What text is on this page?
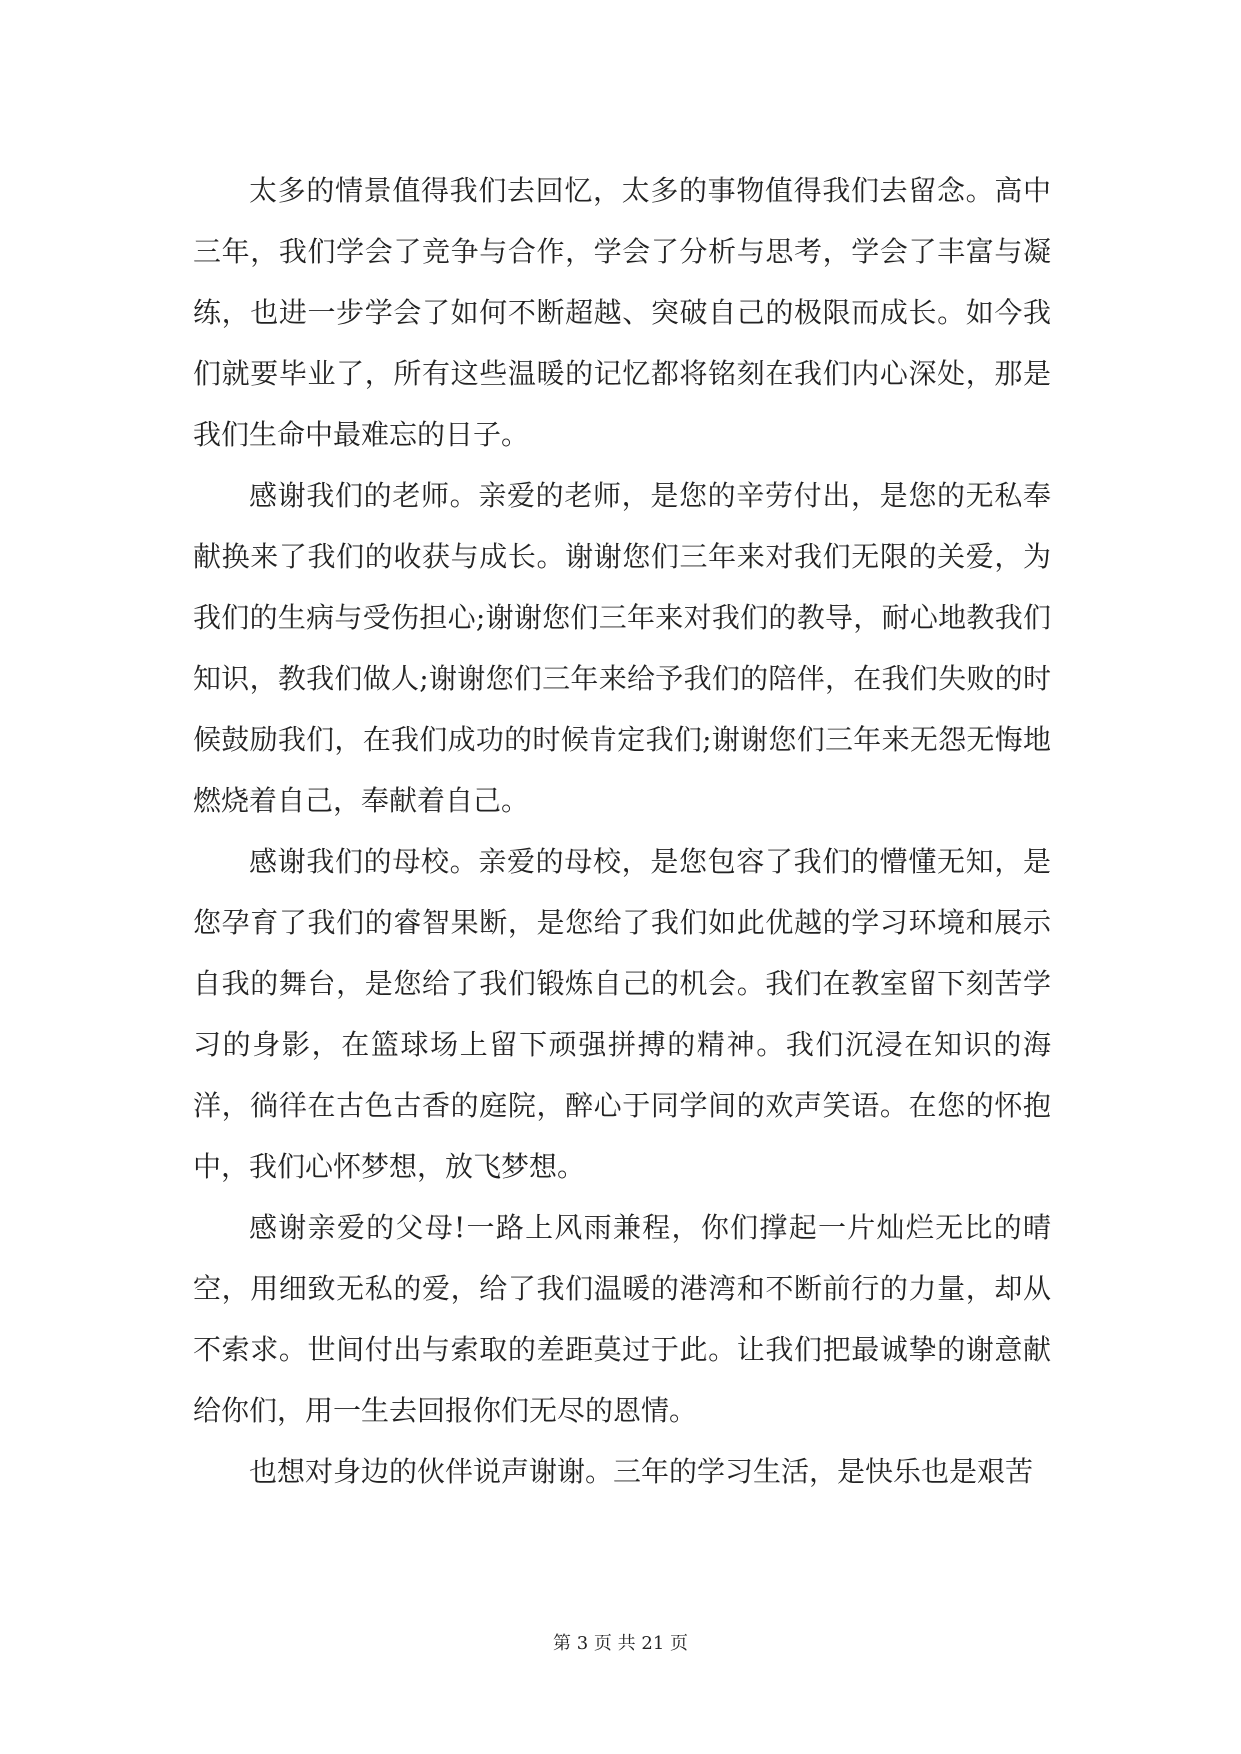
太多的情景值得我们去回忆，太多的事物值得我们去留念。高中三年，我们学会了竞争与合作，学会了分析与思考，学会了丰富与凝练，也进一步学会了如何不断超越、突破自己的极限而成长。如今我们就要毕业了，所有这些温暖的记忆都将铭刻在我们内心深处，那是我们生命中最难忘的日子。

感谢我们的老师。亲爱的老师，是您的辛劳付出，是您的无私奉献换来了我们的收获与成长。谢谢您们三年来对我们无限的关爱，为我们的生病与受伤担心;谢谢您们三年来对我们的教导，耐心地教我们知识，教我们做人;谢谢您们三年来给予我们的陪伴，在我们失败的时候鼓励我们，在我们成功的时候肯定我们;谢谢您们三年来无怨无悔地燃烧着自己，奉献着自己。

感谢我们的母校。亲爱的母校，是您包容了我们的懵懂无知，是您孕育了我们的睿智果断，是您给了我们如此优越的学习环境和展示自我的舞台，是您给了我们锻炼自己的机会。我们在教室留下刻苦学习的身影，在篮球场上留下顽强拼搏的精神。我们沉浸在知识的海洋，徜徉在古色古香的庭院，醉心于同学间的欢声笑语。在您的怀抱中，我们心怀梦想，放飞梦想。

感谢亲爱的父母!一路上风雨兼程，你们撑起一片灿烂无比的晴空，用细致无私的爱，给了我们温暖的港湾和不断前行的力量，却从不索求。世间付出与索取的差距莫过于此。让我们把最诚挚的谢意献给你们，用一生去回报你们无尽的恩情。

也想对身边的伙伴说声谢谢。三年的学习生活，是快乐也是艰苦

第 3 页 共 21 页
